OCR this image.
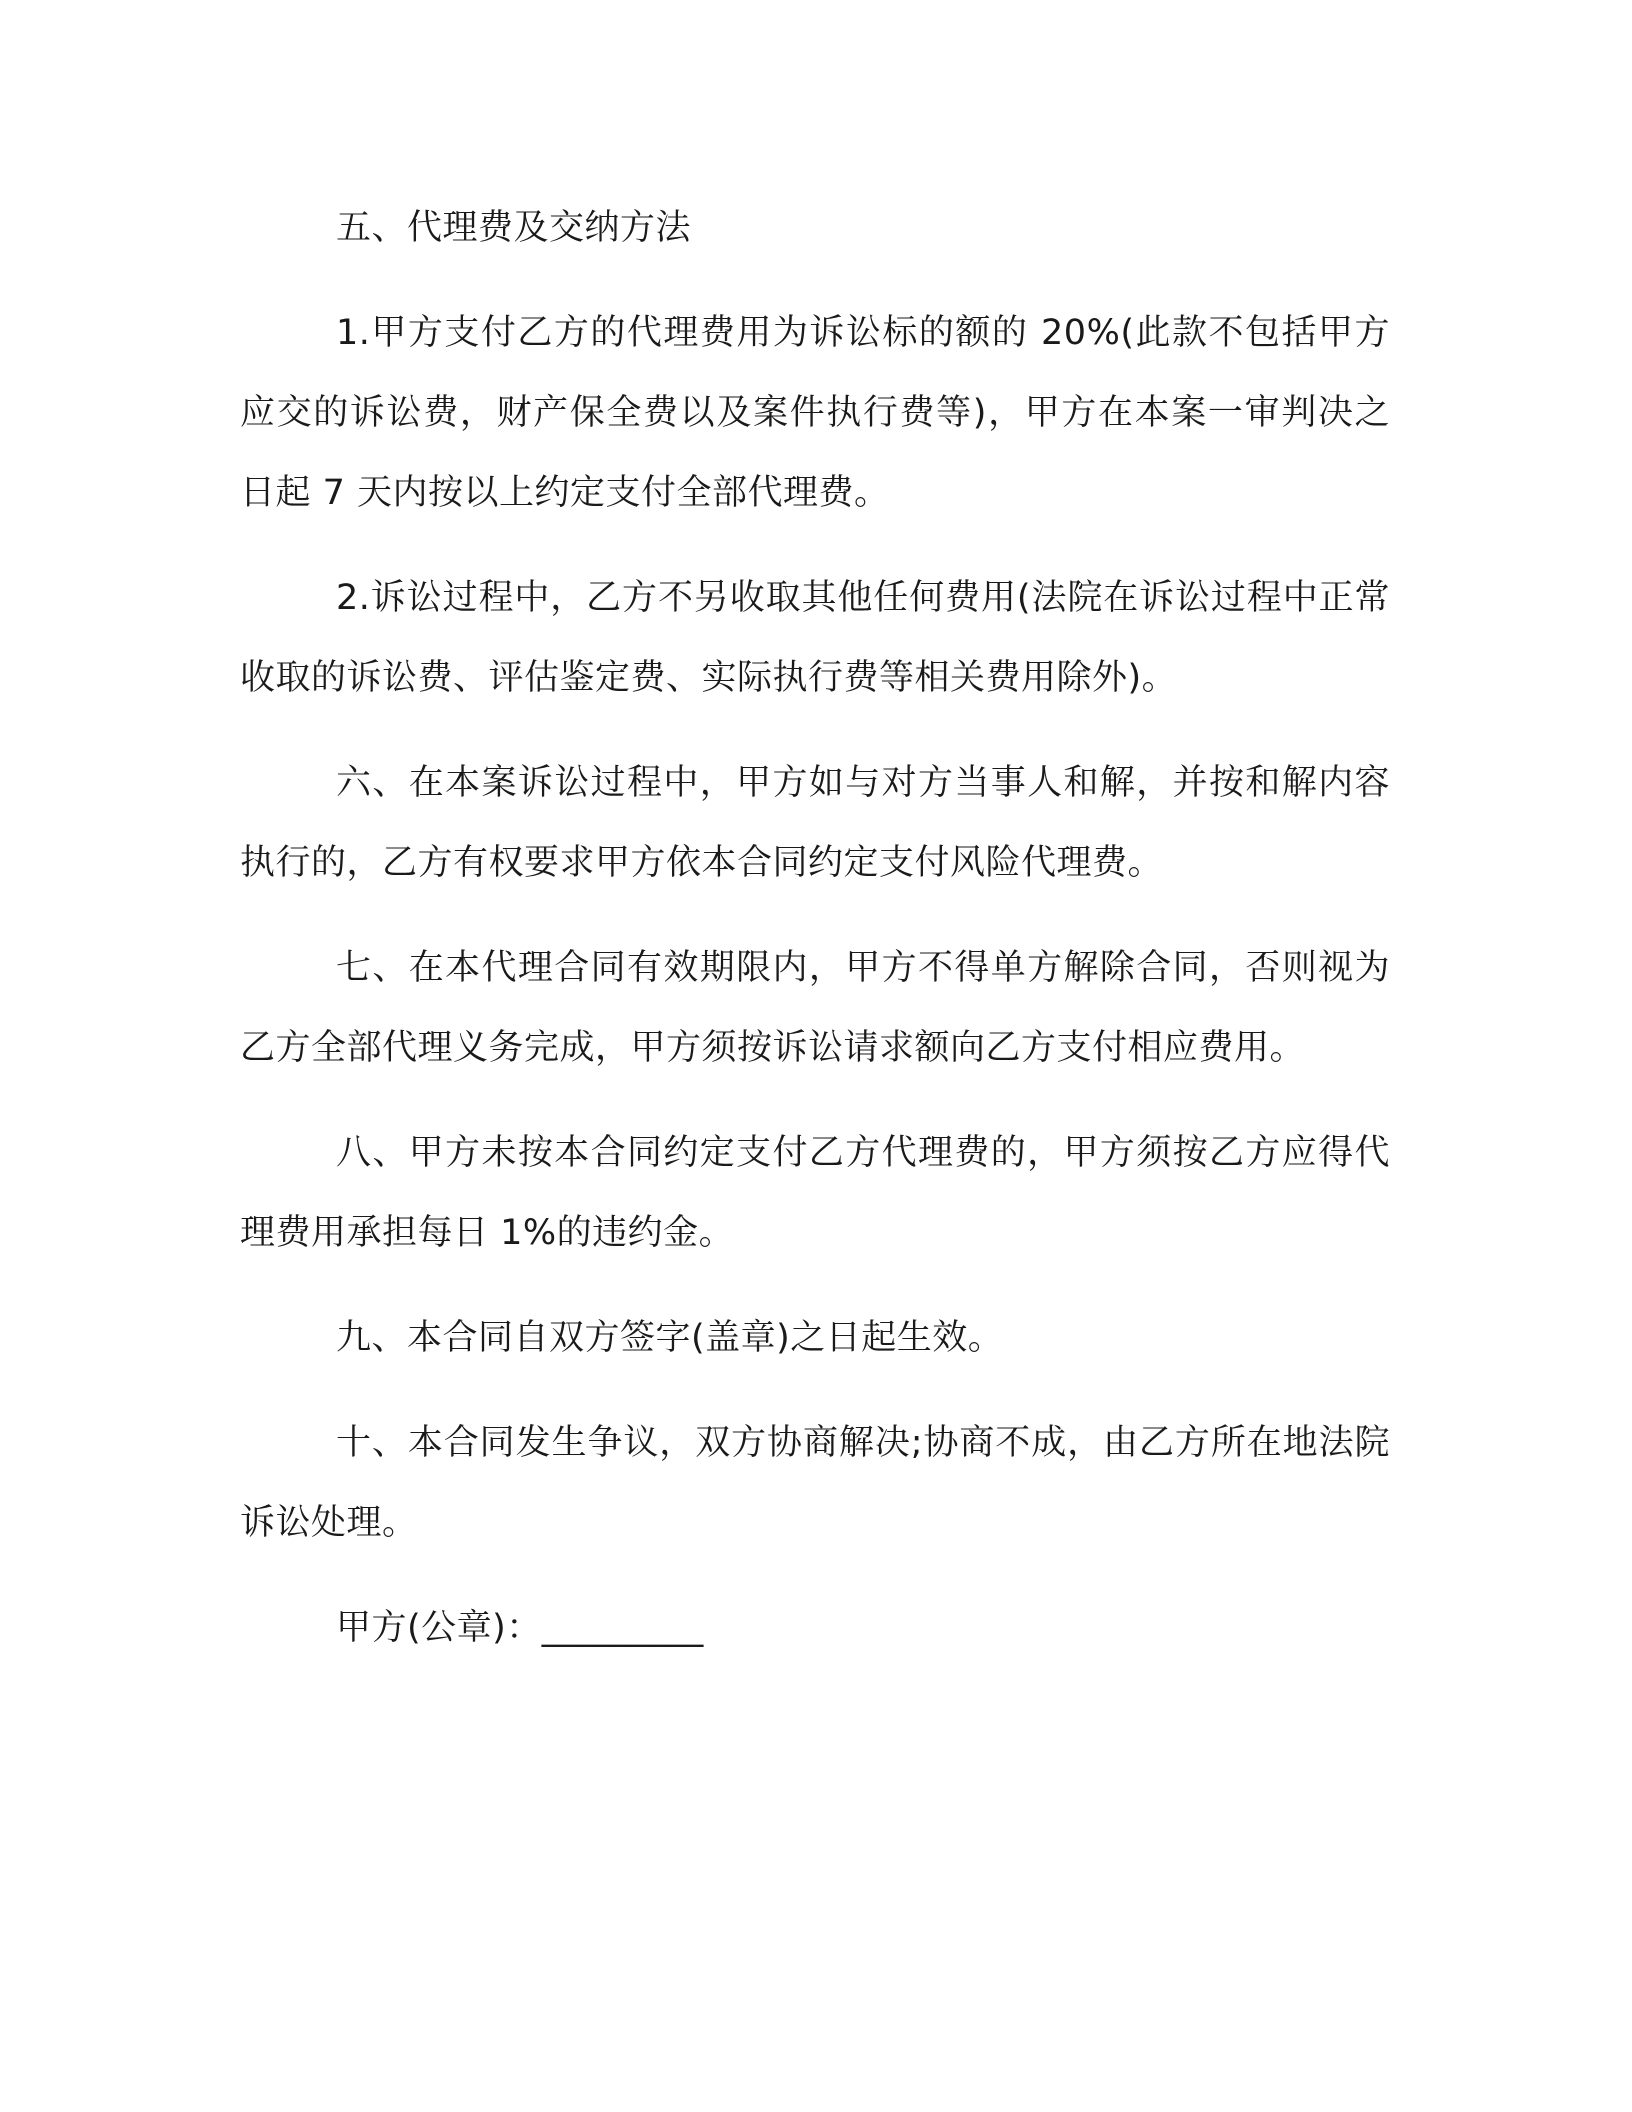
五、代理费及交纳方法

1.甲方支付乙方的代理费用为诉讼标的额的 20%(此款不包括甲方应交的诉讼费，财产保全费以及案件执行费等)，甲方在本案一审判决之日起 7 天内按以上约定支付全部代理费。

2.诉讼过程中，乙方不另收取其他任何费用(法院在诉讼过程中正常收取的诉讼费、评估鉴定费、实际执行费等相关费用除外)。

六、在本案诉讼过程中，甲方如与对方当事人和解，并按和解内容执行的，乙方有权要求甲方依本合同约定支付风险代理费。

七、在本代理合同有效期限内，甲方不得单方解除合同，否则视为乙方全部代理义务完成，甲方须按诉讼请求额向乙方支付相应费用。

八、甲方未按本合同约定支付乙方代理费的，甲方须按乙方应得代理费用承担每日 1%的违约金。

九、本合同自双方签字(盖章)之日起生效。

十、本合同发生争议，双方协商解决;协商不成，由乙方所在地法院诉讼处理。

甲方(公章)：_________
